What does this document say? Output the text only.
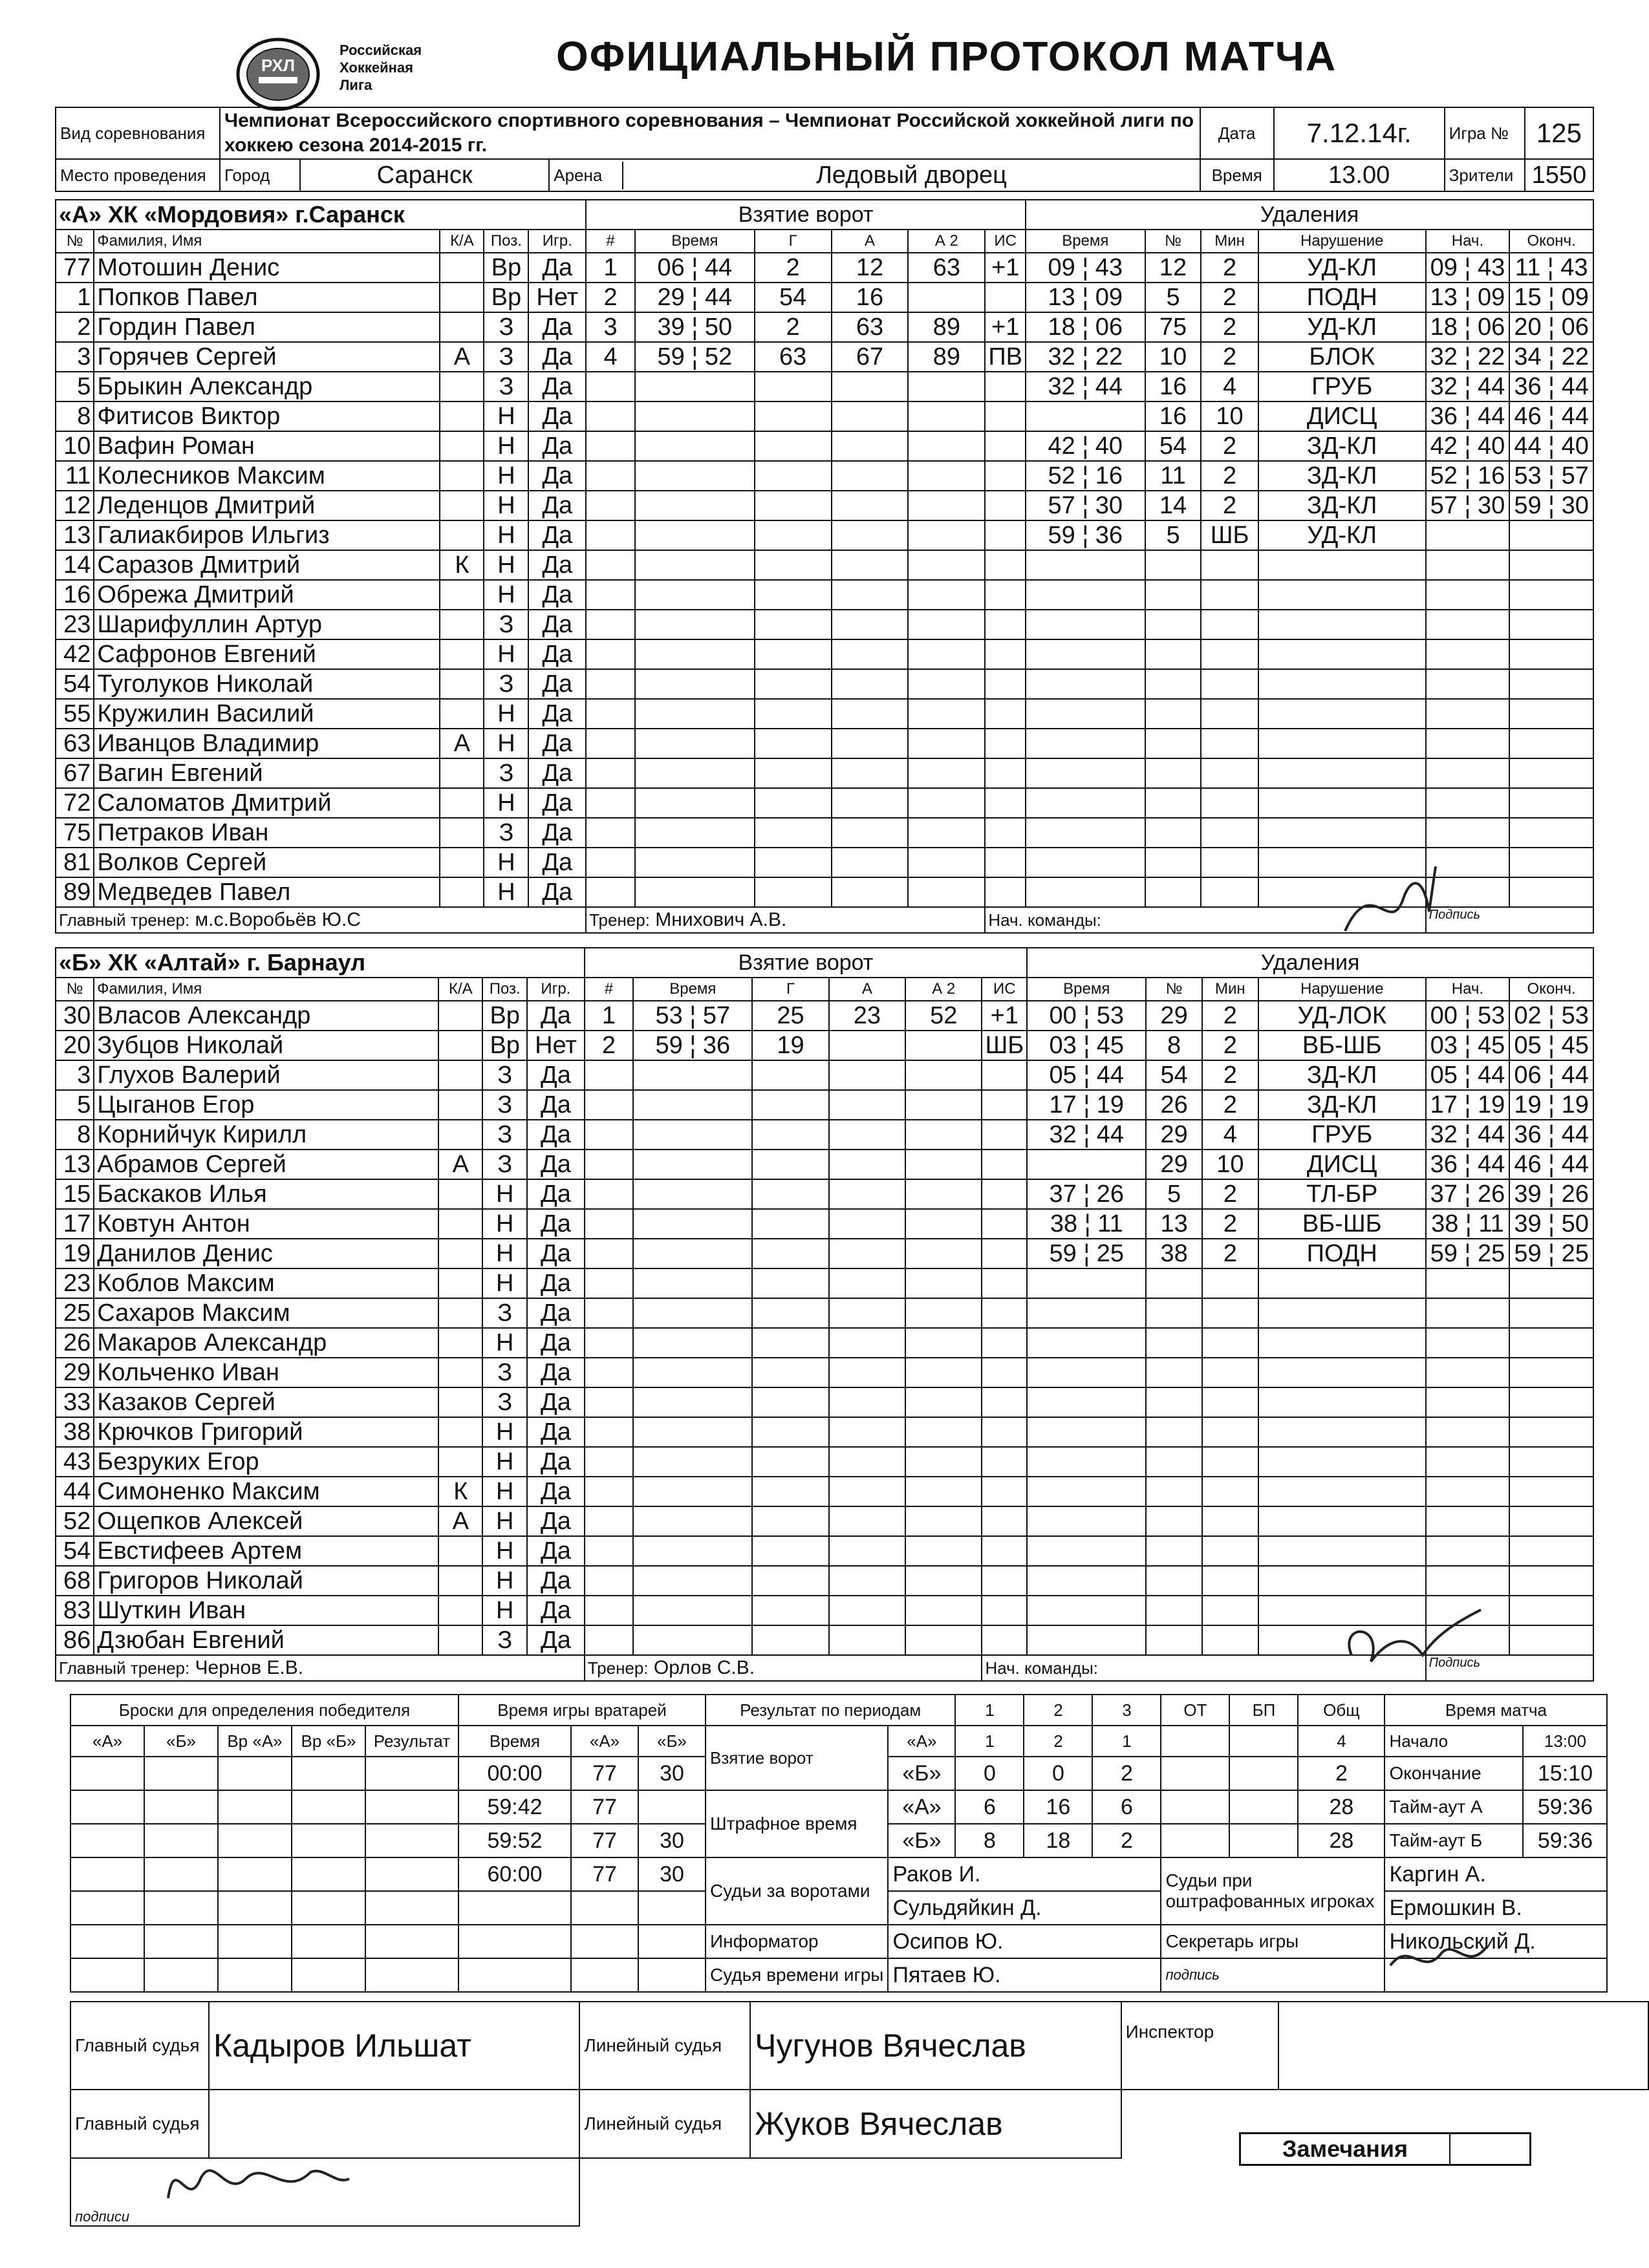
РХЛ
Российская
Хоккейная
Лига
ОФИЦИАЛЬНЫЙ ПРОТОКОЛ МАТЧА
Вид соревнования	Чемпионат Всероссийского спортивного соревнования – Чемпионат Российской хоккейной лиги по хоккею сезона 2014-2015 гг.	Дата	7.12.14г.	Игра №	125
Место проведения	Город	Саранск		Арена	Ледовый дворец
		Время	13.00	Зрители	1550
«А» ХК «Мордовия» г.Саранск					Взятие ворот						Удаления					
№	Фамилия, Имя	К/А	Поз.	Игр.	#	Время	Г	А	А 2	ИС	Время	№	Мин	Нарушение	Нач.	Оконч.
77	Мотошин Денис		Вр	Да	1	06 ¦ 44	2	12	63	+1	09 ¦ 43	12	2	УД-КЛ	09 ¦ 43	11 ¦ 43
1	Попков Павел		Вр	Нет	2	29 ¦ 44	54	16			13 ¦ 09	5	2	ПОДН	13 ¦ 09	15 ¦ 09
2	Гордин Павел		З	Да	3	39 ¦ 50	2	63	89	+1	18 ¦ 06	75	2	УД-КЛ	18 ¦ 06	20 ¦ 06
3	Горячев Сергей	А	З	Да	4	59 ¦ 52	63	67	89	ПВ	32 ¦ 22	10	2	БЛОК	32 ¦ 22	34 ¦ 22
5	Брыкин Александр		З	Да							32 ¦ 44	16	4	ГРУБ	32 ¦ 44	36 ¦ 44
8	Фитисов Виктор		Н	Да								16	10	ДИСЦ	36 ¦ 44	46 ¦ 44
10	Вафин Роман		Н	Да							42 ¦ 40	54	2	ЗД-КЛ	42 ¦ 40	44 ¦ 40
11	Колесников Максим		Н	Да							52 ¦ 16	11	2	ЗД-КЛ	52 ¦ 16	53 ¦ 57
12	Леденцов Дмитрий		Н	Да							57 ¦ 30	14	2	ЗД-КЛ	57 ¦ 30	59 ¦ 30
13	Галиакбиров Ильгиз		Н	Да							59 ¦ 36	5	ШБ	УД-КЛ		
14	Саразов Дмитрий	К	Н	Да												
16	Обрежа Дмитрий		Н	Да												
23	Шарифуллин Артур		З	Да												
42	Сафронов Евгений		Н	Да												
54	Туголуков Николай		З	Да												
55	Кружилин Василий		Н	Да												
63	Иванцов Владимир	А	Н	Да												
67	Вагин Евгений		З	Да												
72	Саломатов Дмитрий		Н	Да												
75	Петраков Иван		З	Да												
81	Волков Сергей		Н	Да												
89	Медведев Павел		Н	Да												
Главный тренер: м.с.Воробьёв Ю.С					Тренер: Мнихович А.В.					Нач. команды:					Подпись	
«Б» ХК «Алтай» г. Барнаул					Взятие ворот						Удаления					
№	Фамилия, Имя	К/А	Поз.	Игр.	#	Время	Г	А	А 2	ИС	Время	№	Мин	Нарушение	Нач.	Оконч.
30	Власов Александр		Вр	Да	1	53 ¦ 57	25	23	52	+1	00 ¦ 53	29	2	УД-ЛОК	00 ¦ 53	02 ¦ 53
20	Зубцов Николай		Вр	Нет	2	59 ¦ 36	19			ШБ	03 ¦ 45	8	2	ВБ-ШБ	03 ¦ 45	05 ¦ 45
3	Глухов Валерий		З	Да							05 ¦ 44	54	2	ЗД-КЛ	05 ¦ 44	06 ¦ 44
5	Цыганов Егор		З	Да							17 ¦ 19	26	2	ЗД-КЛ	17 ¦ 19	19 ¦ 19
8	Корнийчук Кирилл		З	Да							32 ¦ 44	29	4	ГРУБ	32 ¦ 44	36 ¦ 44
13	Абрамов Сергей	А	З	Да								29	10	ДИСЦ	36 ¦ 44	46 ¦ 44
15	Баскаков Илья		Н	Да							37 ¦ 26	5	2	ТЛ-БР	37 ¦ 26	39 ¦ 26
17	Ковтун Антон		Н	Да							38 ¦ 11	13	2	ВБ-ШБ	38 ¦ 11	39 ¦ 50
19	Данилов Денис		Н	Да							59 ¦ 25	38	2	ПОДН	59 ¦ 25	59 ¦ 25
23	Коблов Максим		Н	Да												
25	Сахаров Максим		З	Да												
26	Макаров Александр		Н	Да												
29	Кольченко Иван		З	Да												
33	Казаков Сергей		З	Да												
38	Крючков Григорий		Н	Да												
43	Безруких Егор		Н	Да												
44	Симоненко Максим	К	Н	Да												
52	Ощепков Алексей	А	Н	Да												
54	Евстифеев Артем		Н	Да												
68	Григоров Николай		Н	Да												
83	Шуткин Иван		Н	Да												
86	Дзюбан Евгений		З	Да												
Главный тренер: Чернов Е.В.					Тренер: Орлов С.В.					Нач. команды:					Подпись	
Броски для определения победителя					Время игры вратарей			Результат по периодам		1	2	3	ОТ	БП	Общ	Время матча	
«А»	«Б»	Вр «А»	Вр «Б»	Результат	Время	«А»	«Б»	Взятие ворот	«А»	1	2	1			4	Начало	13:00
					00:00	77	30		«Б»	0	0	2			2	Окончание	15:10
					59:42	77		Штрафное время	«А»	6	16	6			28	Тайм-аут А	59:36
					59:52	77	30		«Б»	8	18	2			28	Тайм-аут Б	59:36
					60:00	77	30	Судьи за воротами	Раков И.				Судьи при оштрафованных игроках			Каргин А.	
									Сульдяйкин Д.							Ермошкин В.	
								Информатор	Осипов Ю.				Секретарь игры			Никольский Д.	
								Судья времени игры	Пятаев Ю.				подпись				
Главный судья	Кадыров Ильшат	Линейный судья	Чугунов Вячеслав	Инспектор	
Главный судья		Линейный судья	Жуков Вячеслав		
подписи					
Замечания	
